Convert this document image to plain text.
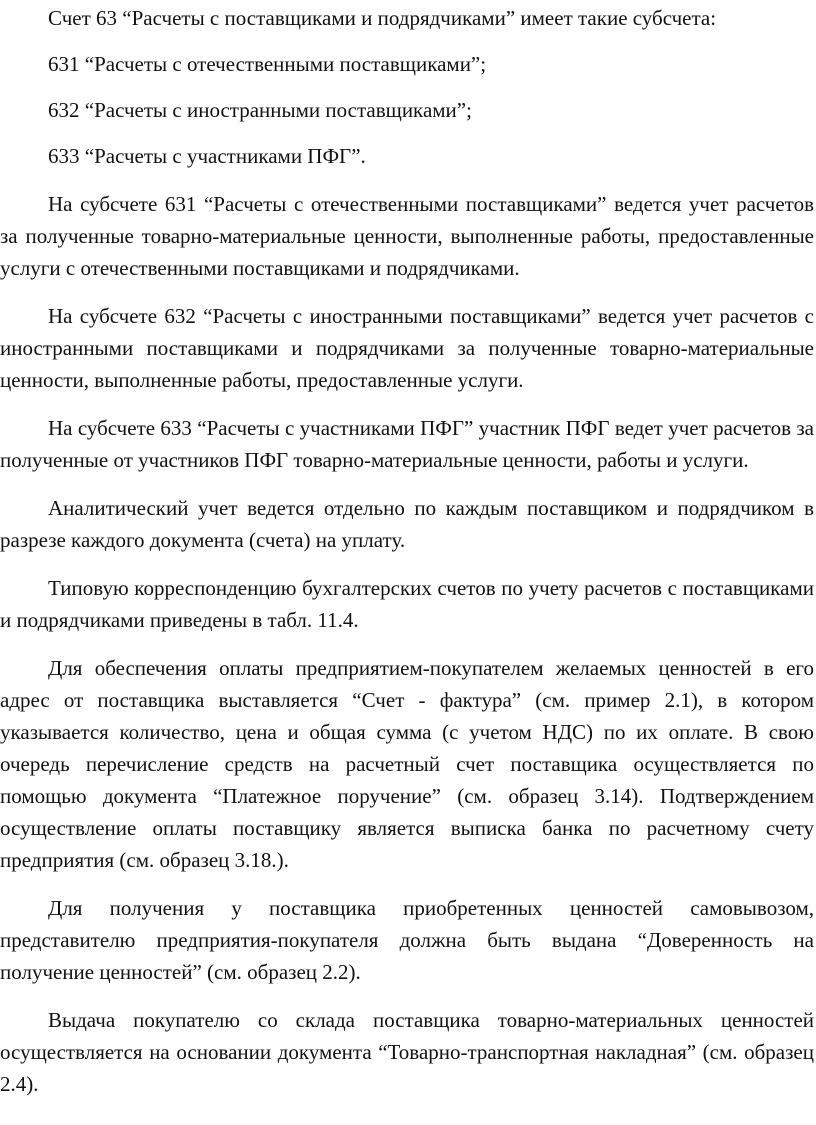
Счет 63 “Расчеты с поставщиками и подрядчиками” имеет такие субсчета:

631 “Расчеты с отечественными поставщиками”;

632 “Расчеты с иностранными поставщиками”;

633 “Расчеты с участниками ПФГ”.

На субсчете 631 “Расчеты с отечественными поставщиками” ведется учет расчетов за полученные товарно-материальные ценности, выполненные работы, предоставленные услуги с отечественными поставщиками и подрядчиками.

На субсчете 632 “Расчеты с иностранными поставщиками” ведется учет расчетов с иностранными поставщиками и подрядчиками за полученные товарно-материальные ценности, выполненные работы, предоставленные услуги.

На субсчете 633 “Расчеты с участниками ПФГ” участник ПФГ ведет учет расчетов за полученные от участников ПФГ товарно-материальные ценности, работы и услуги.

Аналитический учет ведется отдельно по каждым поставщиком и подрядчиком в разрезе каждого документа (счета) на уплату.

Типовую корреспонденцию бухгалтерских счетов по учету расчетов с поставщиками и подрядчиками приведены в табл. 11.4.

Для обеспечения оплаты предприятием-покупателем желаемых ценностей в его адрес от поставщика выставляется “Счет - фактура” (см. пример 2.1), в котором указывается количество, цена и общая сумма (с учетом НДС) по их оплате. В свою очередь перечисление средств на расчетный счет поставщика осуществляется по помощью документа “Платежное поручение” (см. образец 3.14). Подтверждением осуществление оплаты поставщику является выписка банка по расчетному счету предприятия (см. образец 3.18.).

Для получения у поставщика приобретенных ценностей самовывозом, представителю предприятия-покупателя должна быть выдана “Доверенность на получение ценностей” (см. образец 2.2).

Выдача покупателю со склада поставщика товарно-материальных ценностей осуществляется на основании документа “Товарно-транспортная накладная” (см. образец 2.4).
